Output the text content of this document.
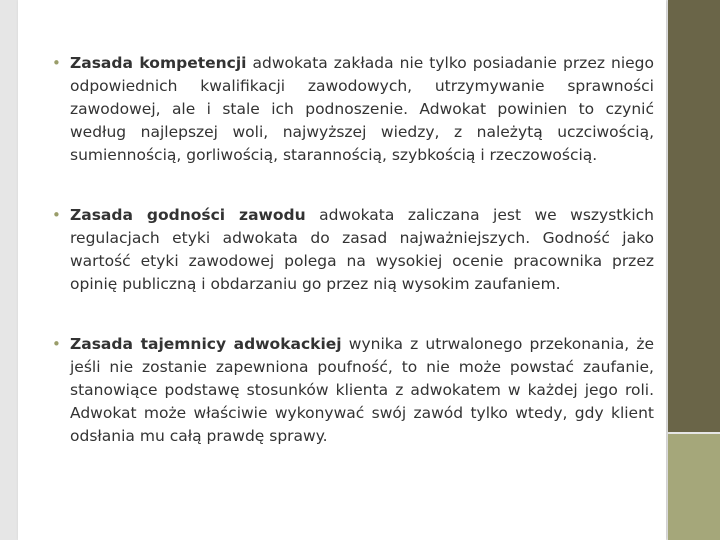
• Zasada kompetencji adwokata zakłada nie tylko posiadanie przez niego odpowiednich kwalifikacji zawodowych, utrzymywanie sprawności zawodowej, ale i stale ich podnoszenie. Adwokat powinien to czynić według najlepszej woli, najwyższej wiedzy, z należytą uczciwością, sumiennością, gorliwością, starannością, szybkością i rzeczowością.
• Zasada godności zawodu adwokata zaliczana jest we wszystkich regulacjach etyki adwokata do zasad najważniejszych. Godność jako wartość etyki zawodowej polega na wysokiej ocenie pracownika przez opinię publiczną i obdarzaniu go przez nią wysokim zaufaniem.
• Zasada tajemnicy adwokackiej wynika z utrwalonego przekonania, że jeśli nie zostanie zapewniona poufność, to nie może powstać zaufanie, stanowiące podstawę stosunków klienta z adwokatem w każdej jego roli. Adwokat może właściwie wykonywać swój zawód tylko wtedy, gdy klient odsłania mu całą prawdę sprawy.
